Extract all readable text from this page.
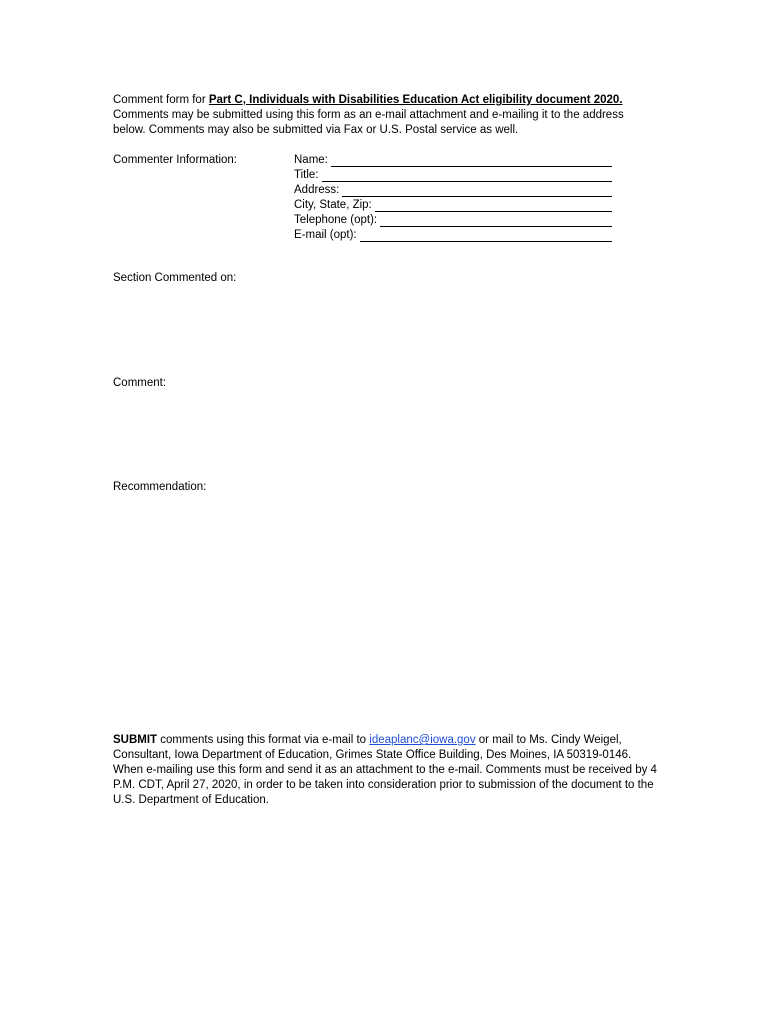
Comment form for Part C, Individuals with Disabilities Education Act eligibility document 2020. Comments may be submitted using this form as an e-mail attachment and e-mailing it to the address below. Comments may also be submitted via Fax or U.S. Postal service as well.

Commenter Information:	Name:
Title:
Address:
City, State, Zip:
Telephone (opt):
E-mail (opt):

Section Commented on:

Comment:

Recommendation:

SUBMIT comments using this format via e-mail to ideaplanc@iowa.gov or mail to Ms. Cindy Weigel, Consultant, Iowa Department of Education, Grimes State Office Building, Des Moines, IA 50319-0146. When e-mailing use this form and send it as an attachment to the e-mail. Comments must be received by 4 P.M. CDT, April 27, 2020, in order to be taken into consideration prior to submission of the document to the U.S. Department of Education.
